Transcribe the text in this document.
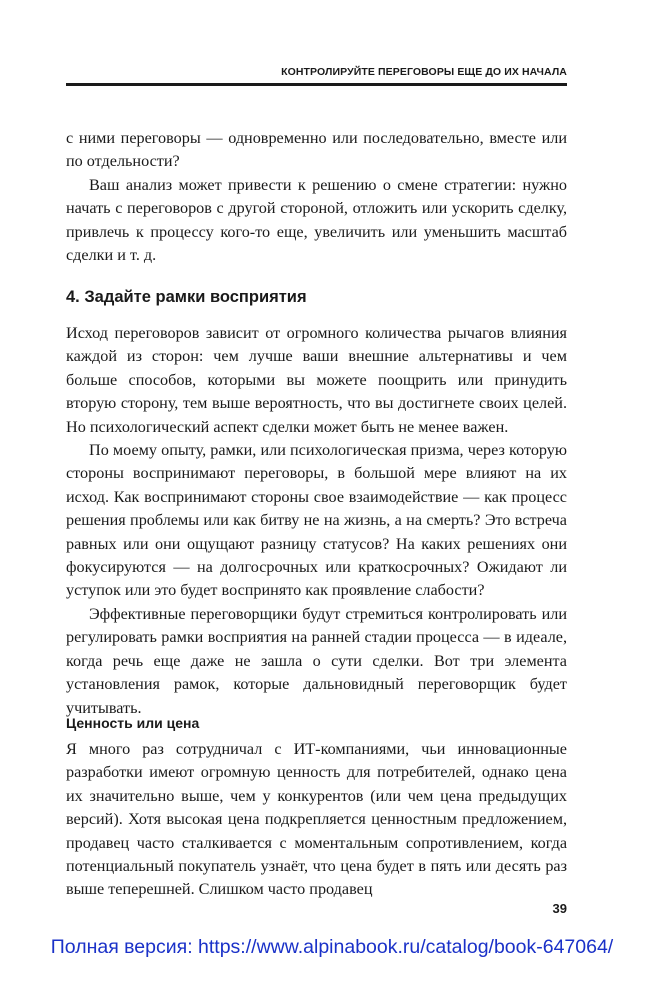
КОНТРОЛИРУЙТЕ ПЕРЕГОВОРЫ ЕЩЕ ДО ИХ НАЧАЛА

с ними переговоры — одновременно или последовательно, вместе или по отдельности?

Ваш анализ может привести к решению о смене стратегии: нужно начать с переговоров с другой стороной, отложить или ускорить сделку, привлечь к процессу кого-то еще, увеличить или уменьшить масштаб сделки и т. д.

4. Задайте рамки восприятия

Исход переговоров зависит от огромного количества рычагов влияния каждой из сторон: чем лучше ваши внешние альтернативы и чем больше способов, которыми вы можете поощрить или принудить вторую сторону, тем выше вероятность, что вы достигнете своих целей. Но психологический аспект сделки может быть не менее важен.

По моему опыту, рамки, или психологическая призма, через которую стороны воспринимают переговоры, в большой мере влияют на их исход. Как воспринимают стороны свое взаимодействие — как процесс решения проблемы или как битву не на жизнь, а на смерть? Это встреча равных или они ощущают разницу статусов? На каких решениях они фокусируются — на долгосрочных или краткосрочных? Ожидают ли уступок или это будет воспринято как проявление слабости?

Эффективные переговорщики будут стремиться контролировать или регулировать рамки восприятия на ранней стадии процесса — в идеале, когда речь еще даже не зашла о сути сделки. Вот три элемента установления рамок, которые дальновидный переговорщик будет учитывать.

Ценность или цена

Я много раз сотрудничал с ИТ-компаниями, чьи инновационные разработки имеют огромную ценность для потребителей, однако цена их значительно выше, чем у конкурентов (или чем цена предыдущих версий). Хотя высокая цена подкрепляется ценностным предложением, продавец часто сталкивается с моментальным сопротивлением, когда потенциальный покупатель узнаёт, что цена будет в пять или десять раз выше теперешней. Слишком часто продавец

39
Полная версия: https://www.alpinabook.ru/catalog/book-647064/
